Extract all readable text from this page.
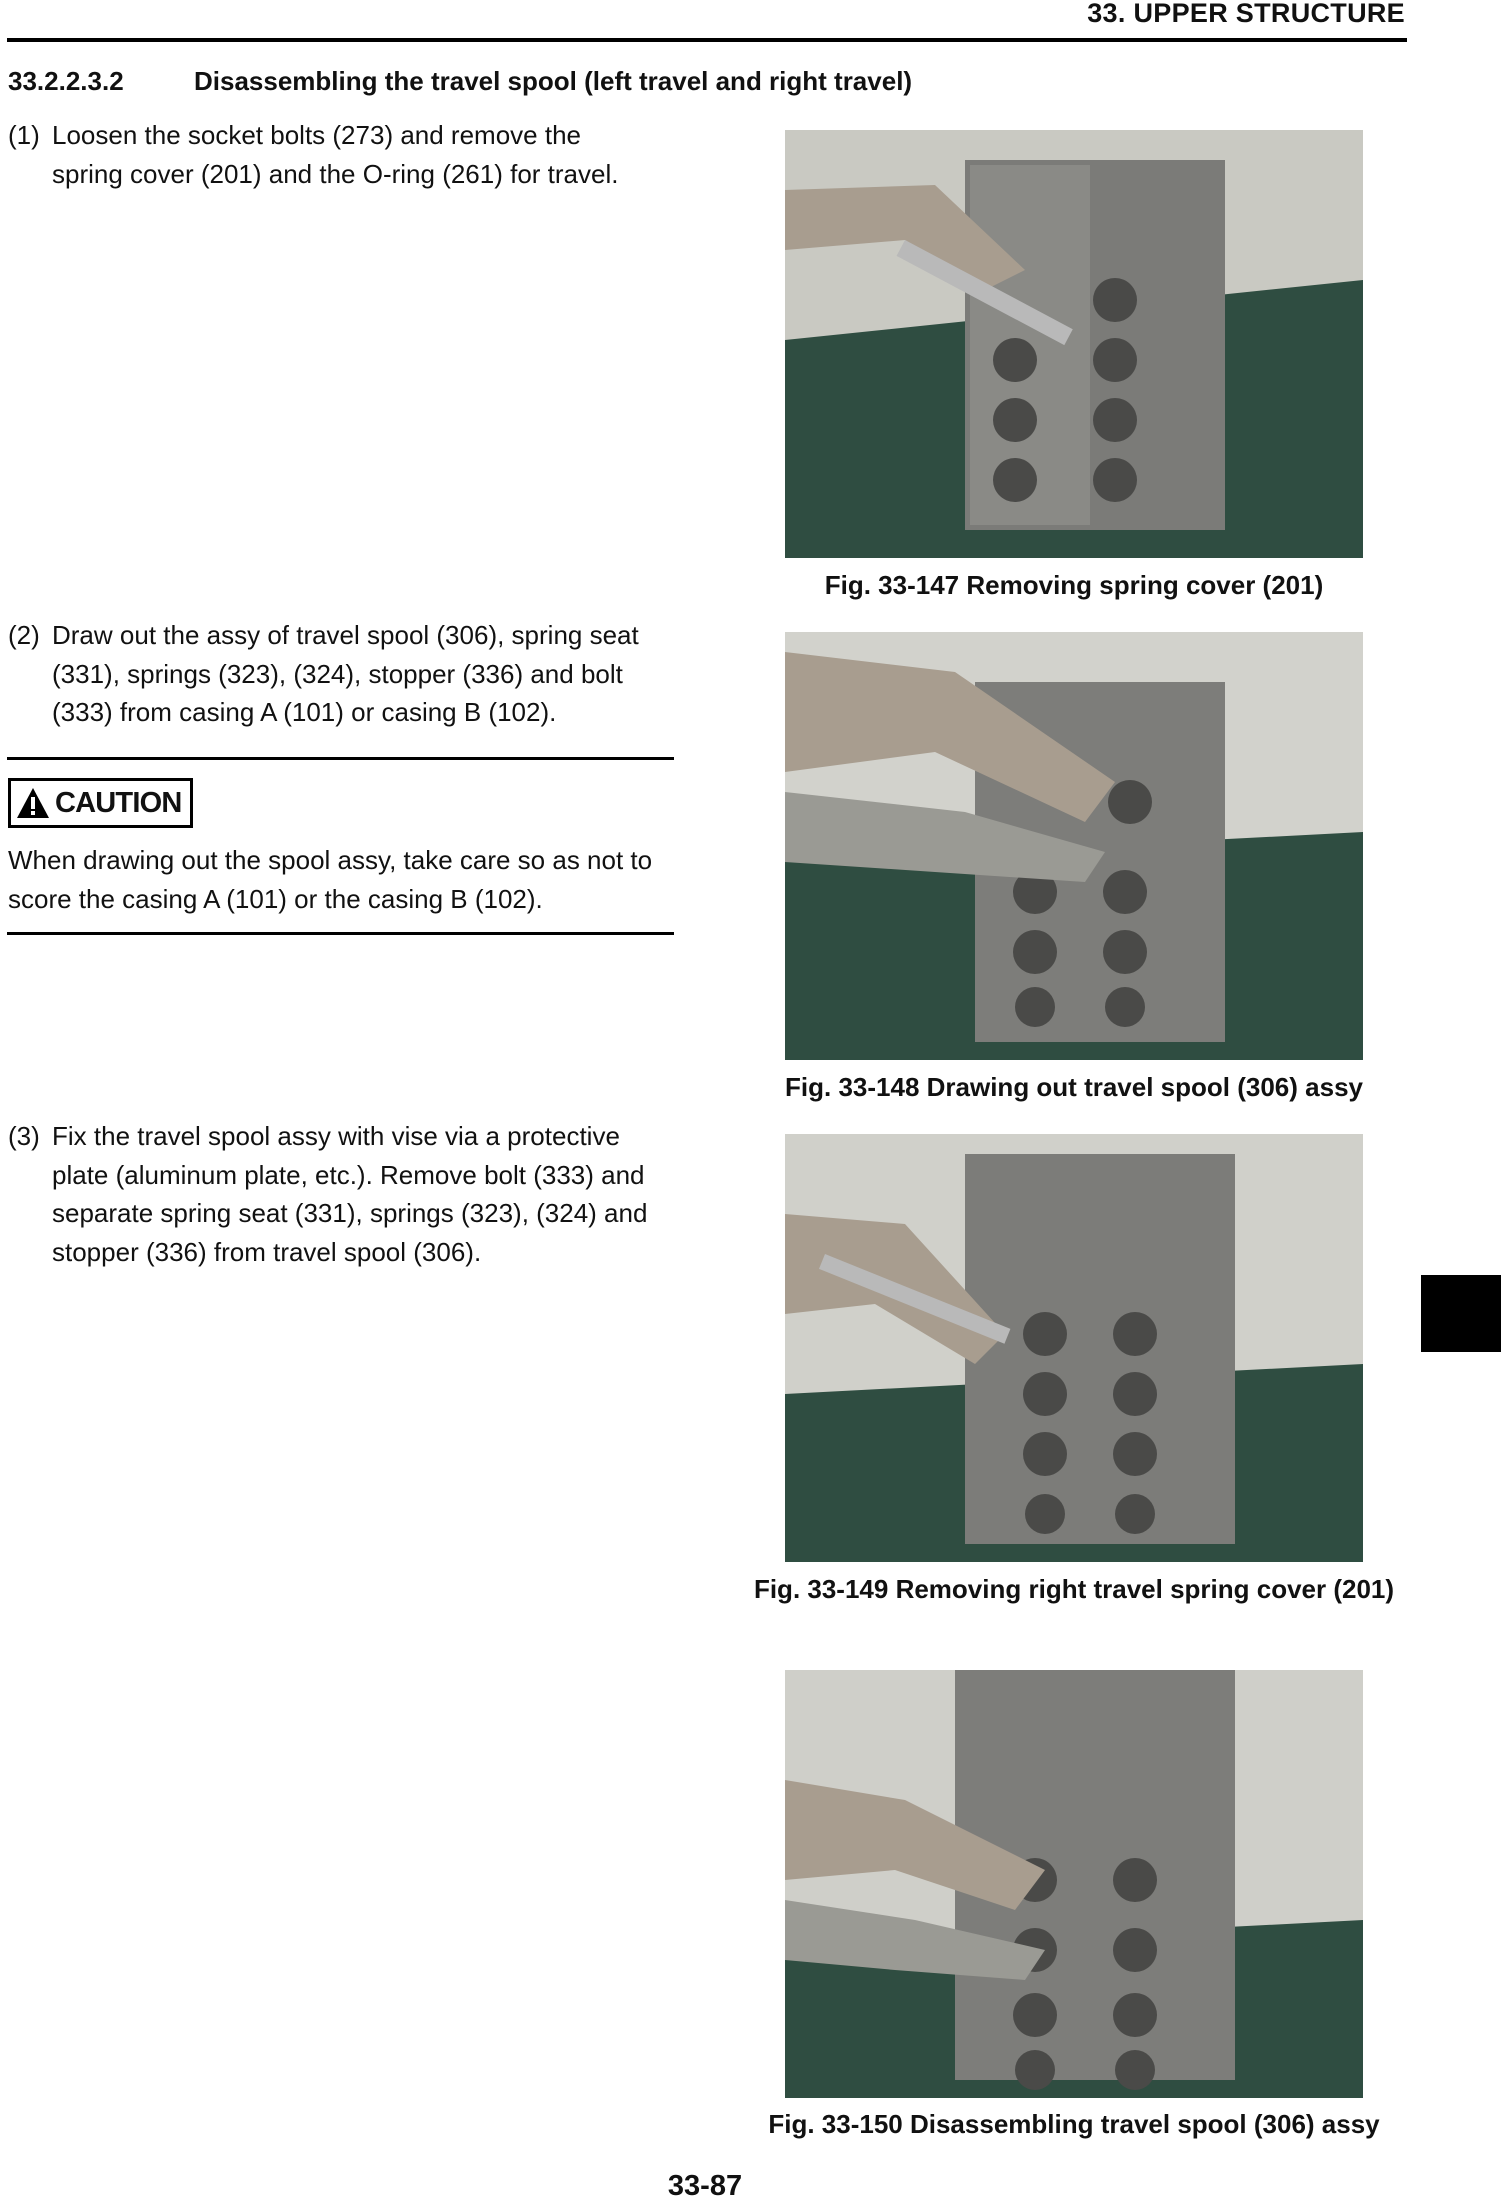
33. UPPER STRUCTURE
33.2.2.3.2	Disassembling the travel spool (left travel and right travel)
(1) Loosen the socket bolts (273) and remove the spring cover (201) and the O-ring (261) for travel.
(2) Draw out the assy of travel spool (306), spring seat (331), springs (323), (324), stopper (336) and bolt (333) from casing A (101) or casing B (102).
CAUTION
When drawing out the spool assy, take care so as not to score the casing A (101) or the casing B (102).
(3) Fix the travel spool assy with vise via a protective plate (aluminum plate, etc.). Remove bolt (333) and separate spring seat (331), springs (323), (324) and stopper (336) from travel spool (306).
Fig. 33-147 Removing spring cover (201)
Fig. 33-148 Drawing out travel spool (306) assy
Fig. 33-149 Removing right travel spring cover (201)
Fig. 33-150 Disassembling travel spool (306) assy
33-87
